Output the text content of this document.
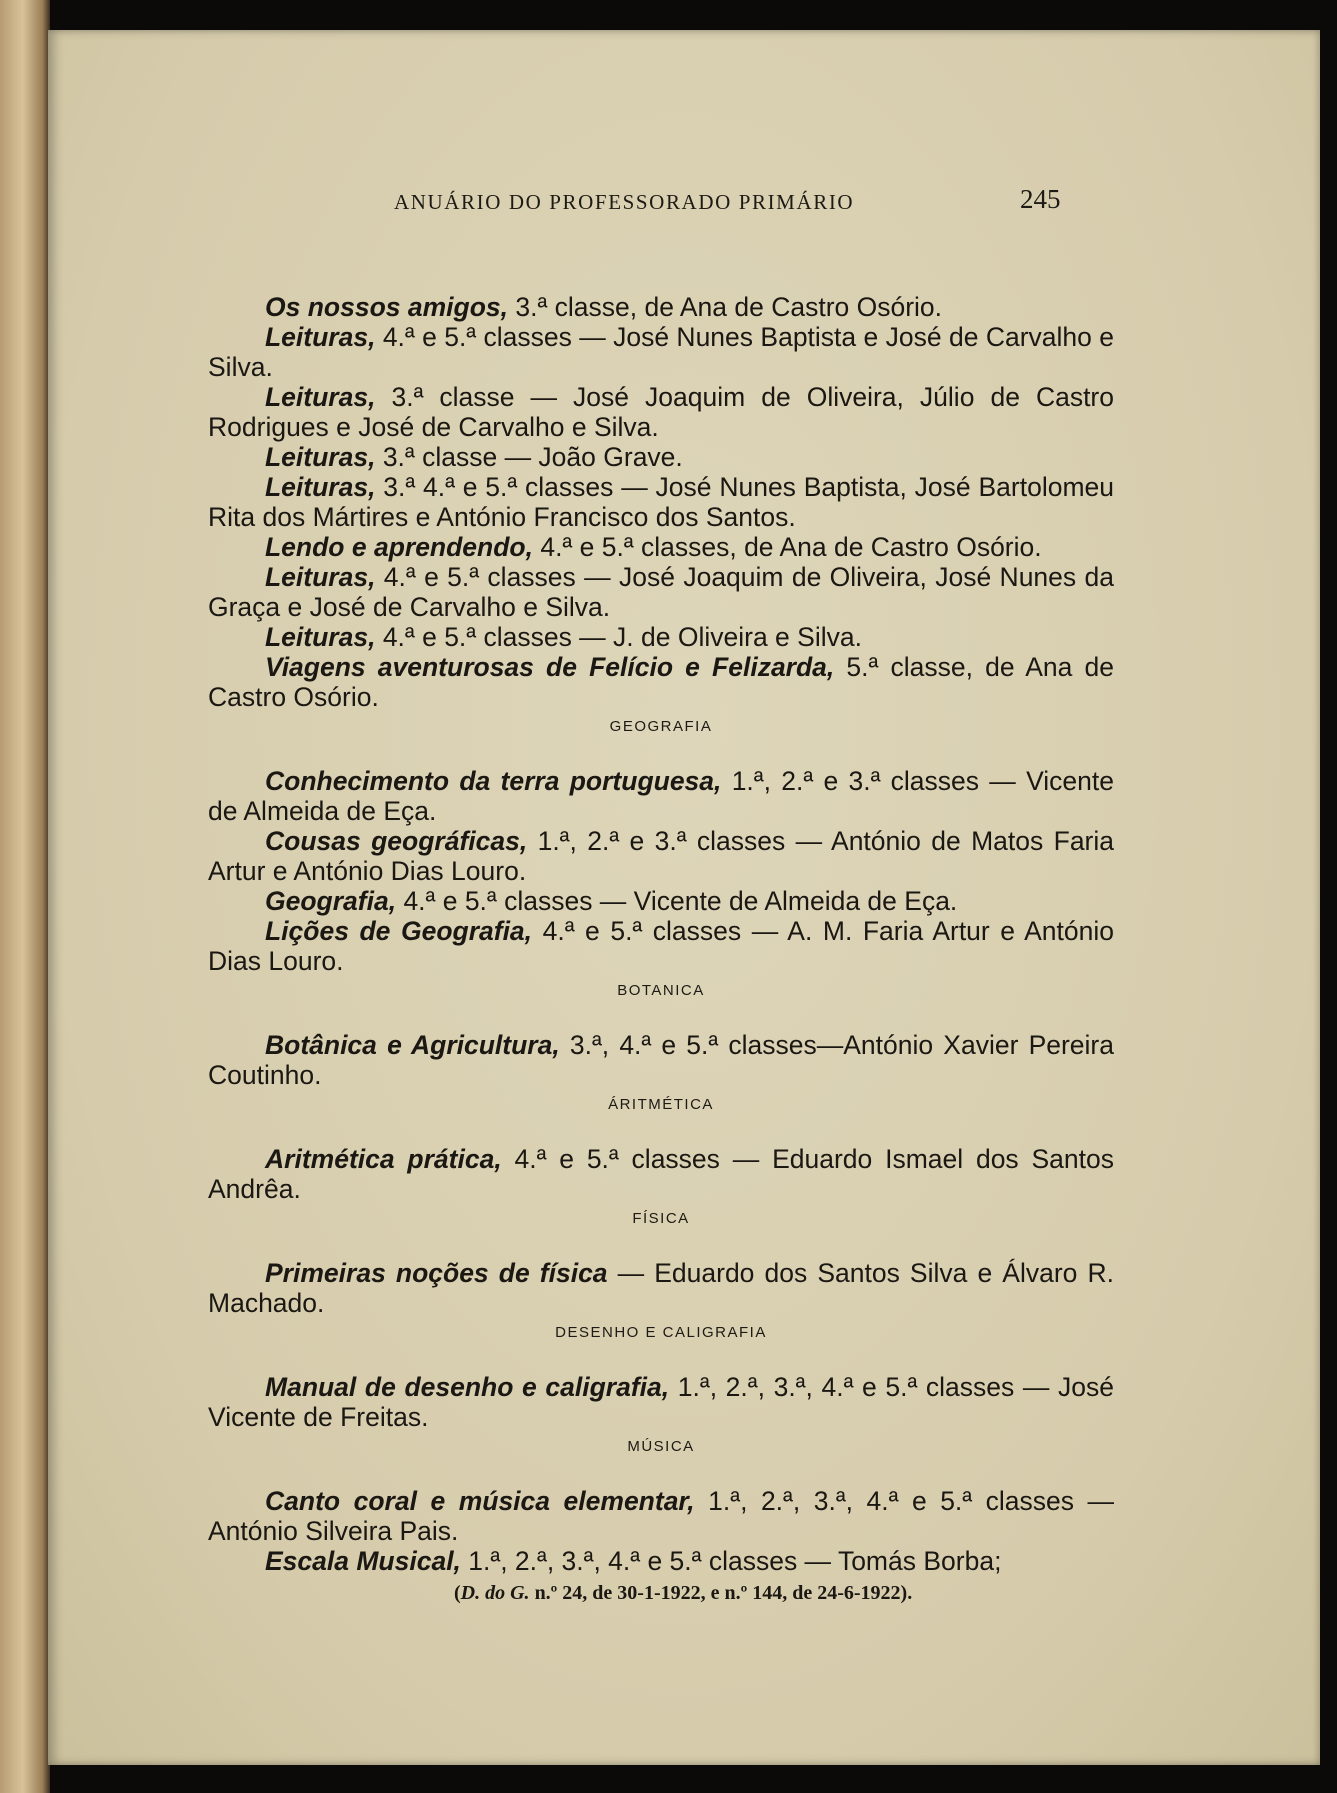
ANUÁRIO DO PROFESSORADO PRIMÁRIO	245

Os nossos amigos, 3.ª classe, de Ana de Castro Osório.

Leituras, 4.ª e 5.ª classes — José Nunes Baptista e José de Carvalho e Silva.

Leituras, 3.ª classe — José Joaquim de Oliveira, Júlio de Castro Rodrigues e José de Carvalho e Silva.

Leituras, 3.ª classe — João Grave.

Leituras, 3.ª 4.ª e 5.ª classes — José Nunes Baptista, José Bartolomeu Rita dos Mártires e António Francisco dos Santos.

Lendo e aprendendo, 4.ª e 5.ª classes, de Ana de Castro Osório.

Leituras, 4.ª e 5.ª classes — José Joaquim de Oliveira, José Nunes da Graça e José de Carvalho e Silva.

Leituras, 4.ª e 5.ª classes — J. de Oliveira e Silva.

Viagens aventurosas de Felício e Felizarda, 5.ª classe, de Ana de Castro Osório.

GEOGRAFIA

Conhecimento da terra portuguesa, 1.ª, 2.ª e 3.ª classes — Vicente de Almeida de Eça.

Cousas geográficas, 1.ª, 2.ª e 3.ª classes — António de Matos Faria Artur e António Dias Louro.

Geografia, 4.ª e 5.ª classes — Vicente de Almeida de Eça.

Lições de Geografia, 4.ª e 5.ª classes — A. M. Faria Artur e António Dias Louro.

BOTANICA

Botânica e Agricultura, 3.ª, 4.ª e 5.ª classes—António Xavier Pereira Coutinho.

ÁRITMÉTICA

Aritmética prática, 4.ª e 5.ª classes — Eduardo Ismael dos Santos Andrêa.

FÍSICA

Primeiras noções de física — Eduardo dos Santos Silva e Álvaro R. Machado.

DESENHO E CALIGRAFIA

Manual de desenho e caligrafia, 1.ª, 2.ª, 3.ª, 4.ª e 5.ª classes — José Vicente de Freitas.

MÚSICA

Canto coral e música elementar, 1.ª, 2.ª, 3.ª, 4.ª e 5.ª classes — António Silveira Pais.

Escala Musical, 1.ª, 2.ª, 3.ª, 4.ª e 5.ª classes — Tomás Borba;

(D. do G. n.º 24, de 30-1-1922, e n.º 144, de 24-6-1922).
